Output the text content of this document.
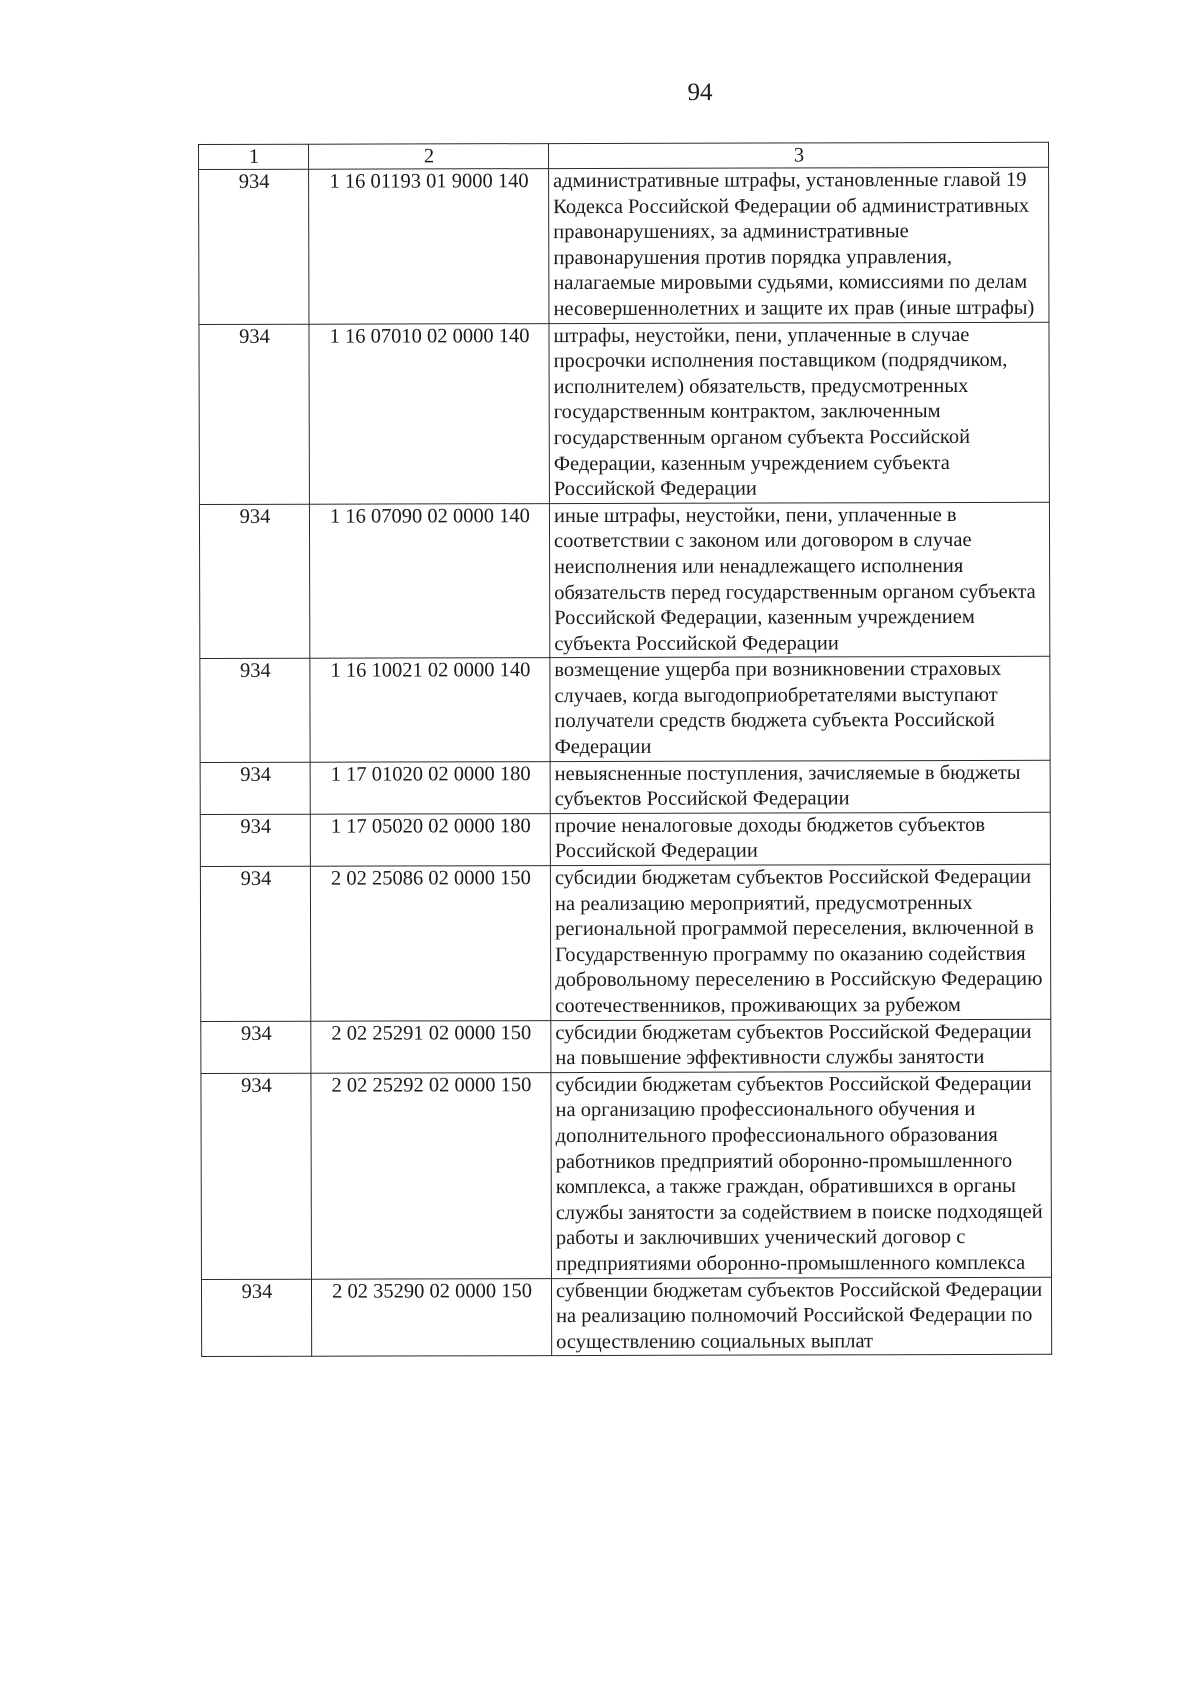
94
1	2	3
934	1 16 01193 01 9000 140	административные штрафы, установленные главой 19 Кодекса Российской Федерации об административных правонарушениях, за административные правонарушения против порядка управления, налагаемые мировыми судьями, комиссиями по делам несовершеннолетних и защите их прав (иные штрафы)
934	1 16 07010 02 0000 140	штрафы, неустойки, пени, уплаченные в случае просрочки исполнения поставщиком (подрядчиком, исполнителем) обязательств, предусмотренных государственным контрактом, заключенным государственным органом субъекта Российской Федерации, казенным учреждением субъекта Российской Федерации
934	1 16 07090 02 0000 140	иные штрафы, неустойки, пени, уплаченные в соответствии с законом или договором в случае неисполнения или ненадлежащего исполнения обязательств перед государственным органом субъекта Российской Федерации, казенным учреждением субъекта Российской Федерации
934	1 16 10021 02 0000 140	возмещение ущерба при возникновении страховых случаев, когда выгодоприобретателями выступают получатели средств бюджета субъекта Российской Федерации
934	1 17 01020 02 0000 180	невыясненные поступления, зачисляемые в бюджеты субъектов Российской Федерации
934	1 17 05020 02 0000 180	прочие неналоговые доходы бюджетов субъектов Российской Федерации
934	2 02 25086 02 0000 150	субсидии бюджетам субъектов Российской Федерации на реализацию мероприятий, предусмотренных региональной программой переселения, включенной в Государственную программу по оказанию содействия добровольному переселению в Российскую Федерацию соотечественников, проживающих за рубежом
934	2 02 25291 02 0000 150	субсидии бюджетам субъектов Российской Федерации на повышение эффективности службы занятости
934	2 02 25292 02 0000 150	субсидии бюджетам субъектов Российской Федерации на организацию профессионального обучения и дополнительного профессионального образования работников предприятий оборонно-промышленного комплекса, а также граждан, обратившихся в органы службы занятости за содействием в поиске подходящей работы и заключивших ученический договор с предприятиями оборонно-промышленного комплекса
934	2 02 35290 02 0000 150	субвенции бюджетам субъектов Российской Федерации на реализацию полномочий Российской Федерации по осуществлению социальных выплат
